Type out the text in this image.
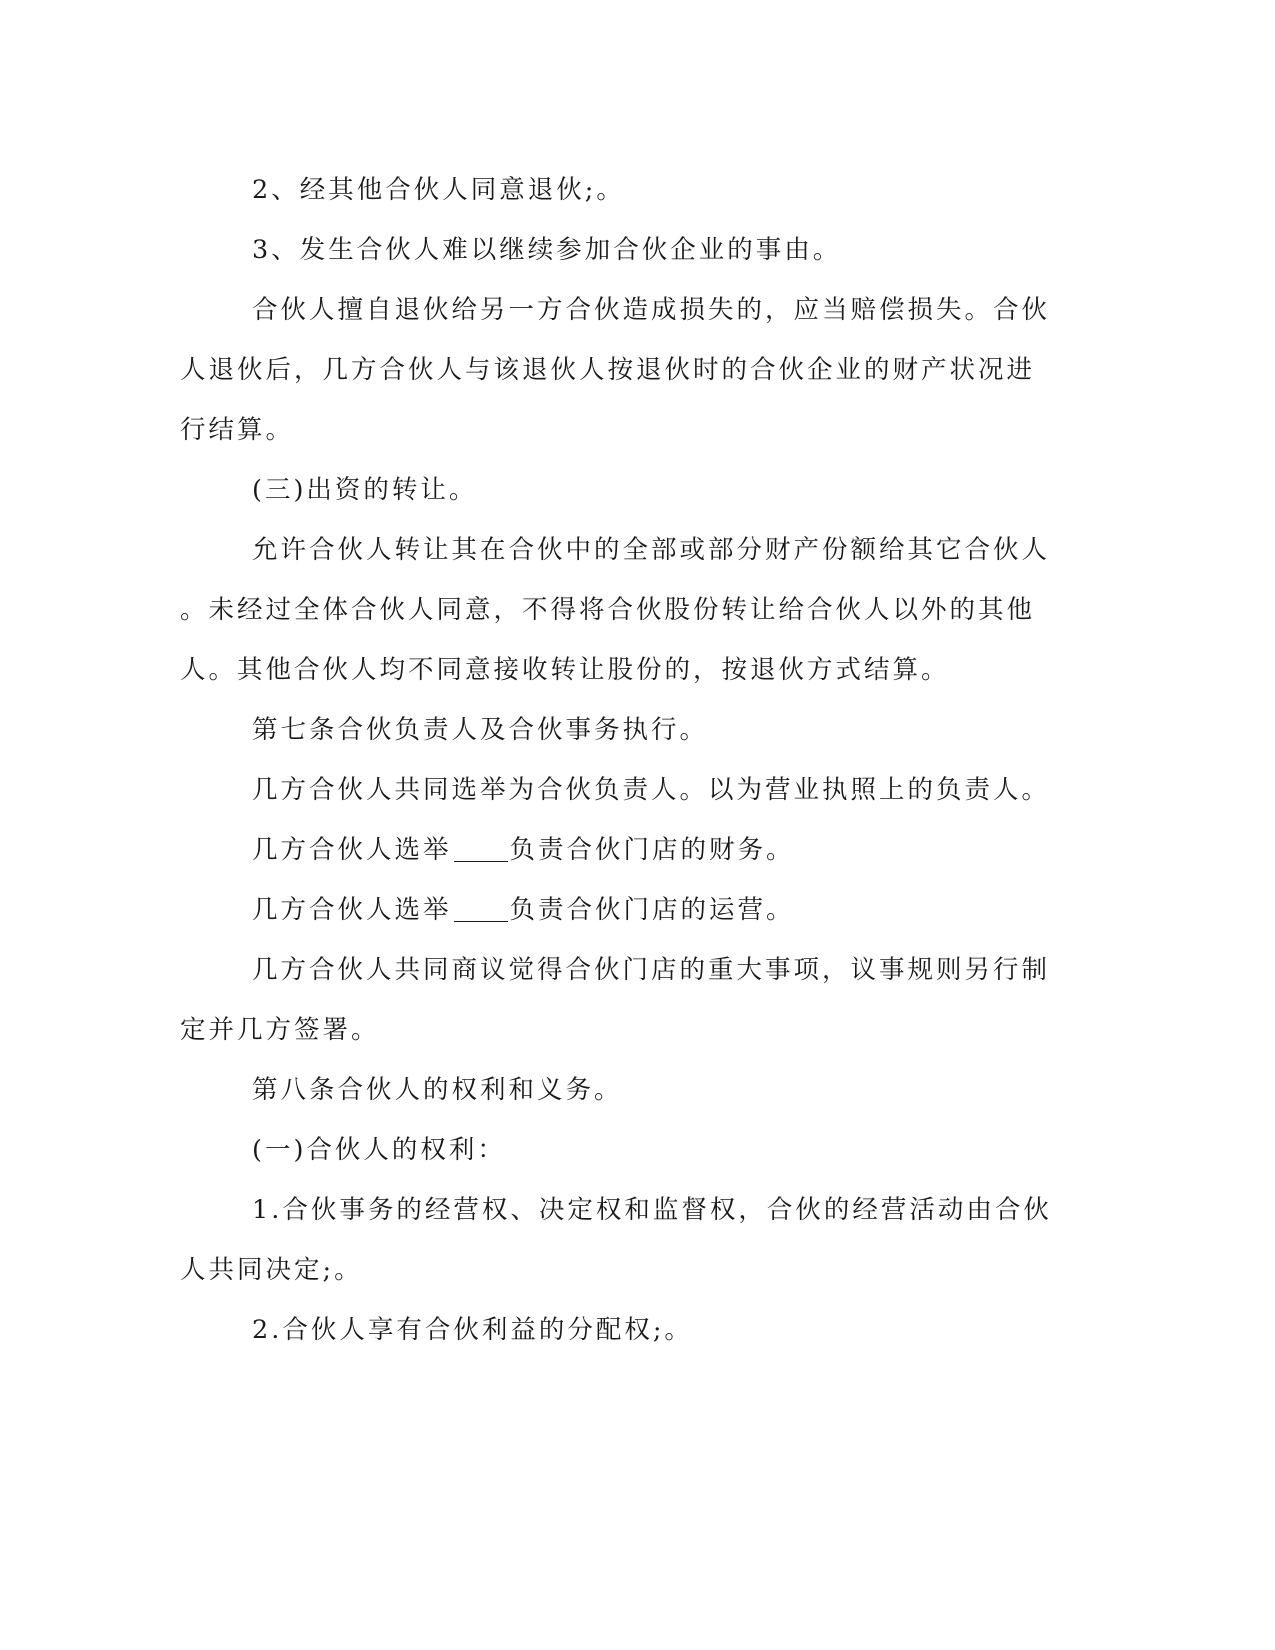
2、经其他合伙人同意退伙;。
3、发生合伙人难以继续参加合伙企业的事由。
合伙人擅自退伙给另一方合伙造成损失的，应当赔偿损失。合伙
人退伙后，几方合伙人与该退伙人按退伙时的合伙企业的财产状况进
行结算。
(三)出资的转让。
允许合伙人转让其在合伙中的全部或部分财产份额给其它合伙人
。未经过全体合伙人同意，不得将合伙股份转让给合伙人以外的其他
人。其他合伙人均不同意接收转让股份的，按退伙方式结算。
第七条合伙负责人及合伙事务执行。
几方合伙人共同选举为合伙负责人。以为营业执照上的负责人。
几方合伙人选举 负责合伙门店的财务。
几方合伙人选举 负责合伙门店的运营。
几方合伙人共同商议觉得合伙门店的重大事项，议事规则另行制
定并几方签署。
第八条合伙人的权利和义务。
(一)合伙人的权利：
1.合伙事务的经营权、决定权和监督权，合伙的经营活动由合伙
人共同决定;。
2.合伙人享有合伙利益的分配权;。
